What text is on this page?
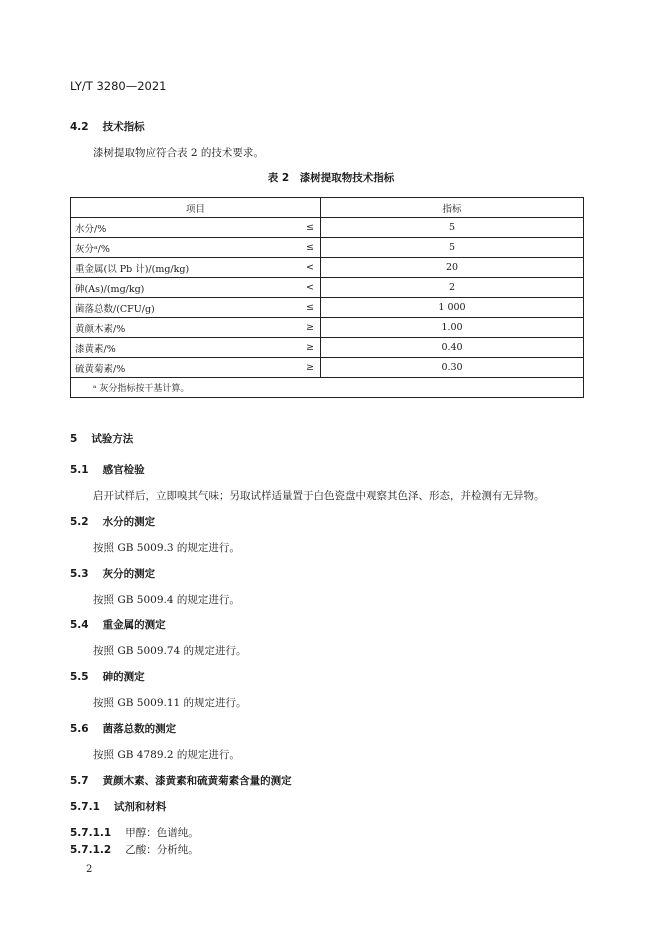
LY/T 3280—2021
4.2 技术指标
漆树提取物应符合表 2 的技术要求。
表 2　漆树提取物技术指标
项目		指标
水分/%	≤	5
灰分ᵃ/%	≤	5
重金属(以 Pb 计)/(mg/kg)	<	20
砷(As)/(mg/kg)	<	2
菌落总数/(CFU/g)	≤	1 000
黄颜木素/%	≥	1.00
漆黄素/%	≥	0.40
硫黄菊素/%	≥	0.30
ᵃ 灰分指标按干基计算。		
5 试验方法
5.1 感官检验
启开试样后，立即嗅其气味；另取试样适量置于白色瓷盘中观察其色泽、形态，并检测有无异物。
5.2 水分的测定
按照 GB 5009.3 的规定进行。
5.3 灰分的测定
按照 GB 5009.4 的规定进行。
5.4 重金属的测定
按照 GB 5009.74 的规定进行。
5.5 砷的测定
按照 GB 5009.11 的规定进行。
5.6 菌落总数的测定
按照 GB 4789.2 的规定进行。
5.7 黄颜木素、漆黄素和硫黄菊素含量的测定
5.7.1 试剂和材料
5.7.1.1 甲醇：色谱纯。
5.7.1.2 乙酸：分析纯。
2
